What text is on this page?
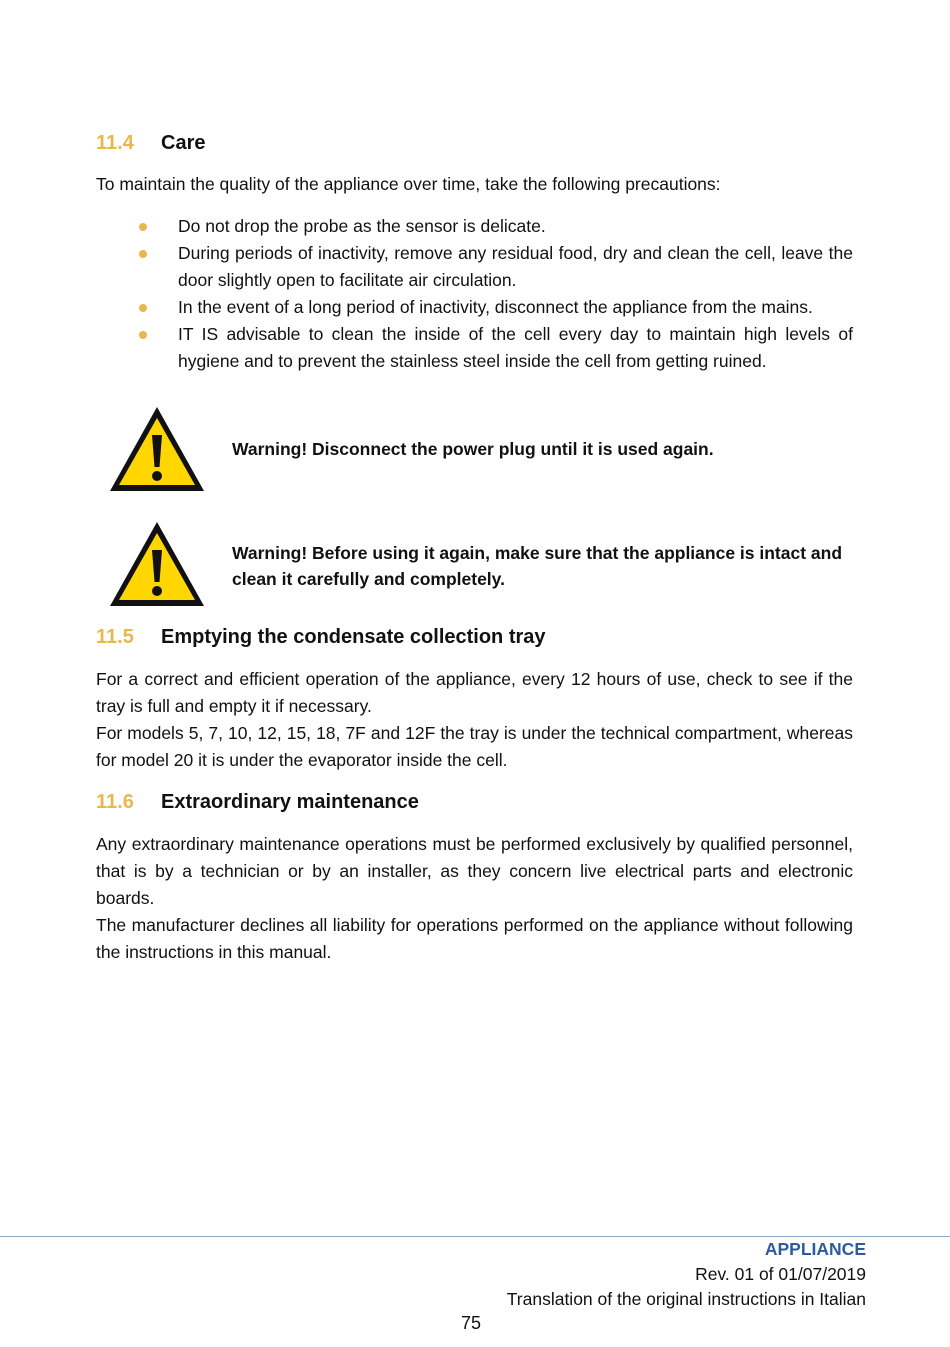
11.4 Care

To maintain the quality of the appliance over time, take the following precautions:

Do not drop the probe as the sensor is delicate.
During periods of inactivity, remove any residual food, dry and clean the cell, leave the door slightly open to facilitate air circulation.
In the event of a long period of inactivity, disconnect the appliance from the mains.
IT IS advisable to clean the inside of the cell every day to maintain high levels of hygiene and to prevent the stainless steel inside the cell from getting ruined.
Warning! Disconnect the power plug until it is used again.
Warning! Before using it again, make sure that the appliance is intact and clean it carefully and completely.
11.5 Emptying the condensate collection tray

For a correct and efficient operation of the appliance, every 12 hours of use, check to see if the tray is full and empty it if necessary.

For models 5, 7, 10, 12, 15, 18, 7F and 12F the tray is under the technical compartment, whereas for model 20 it is under the evaporator inside the cell.

11.6 Extraordinary maintenance

Any extraordinary maintenance operations must be performed exclusively by qualified personnel, that is by a technician or by an installer, as they concern live electrical parts and electronic boards.

The manufacturer declines all liability for operations performed on the appliance without following the instructions in this manual.

APPLIANCE
Rev. 01 of 01/07/2019
Translation of the original instructions in Italian
75
